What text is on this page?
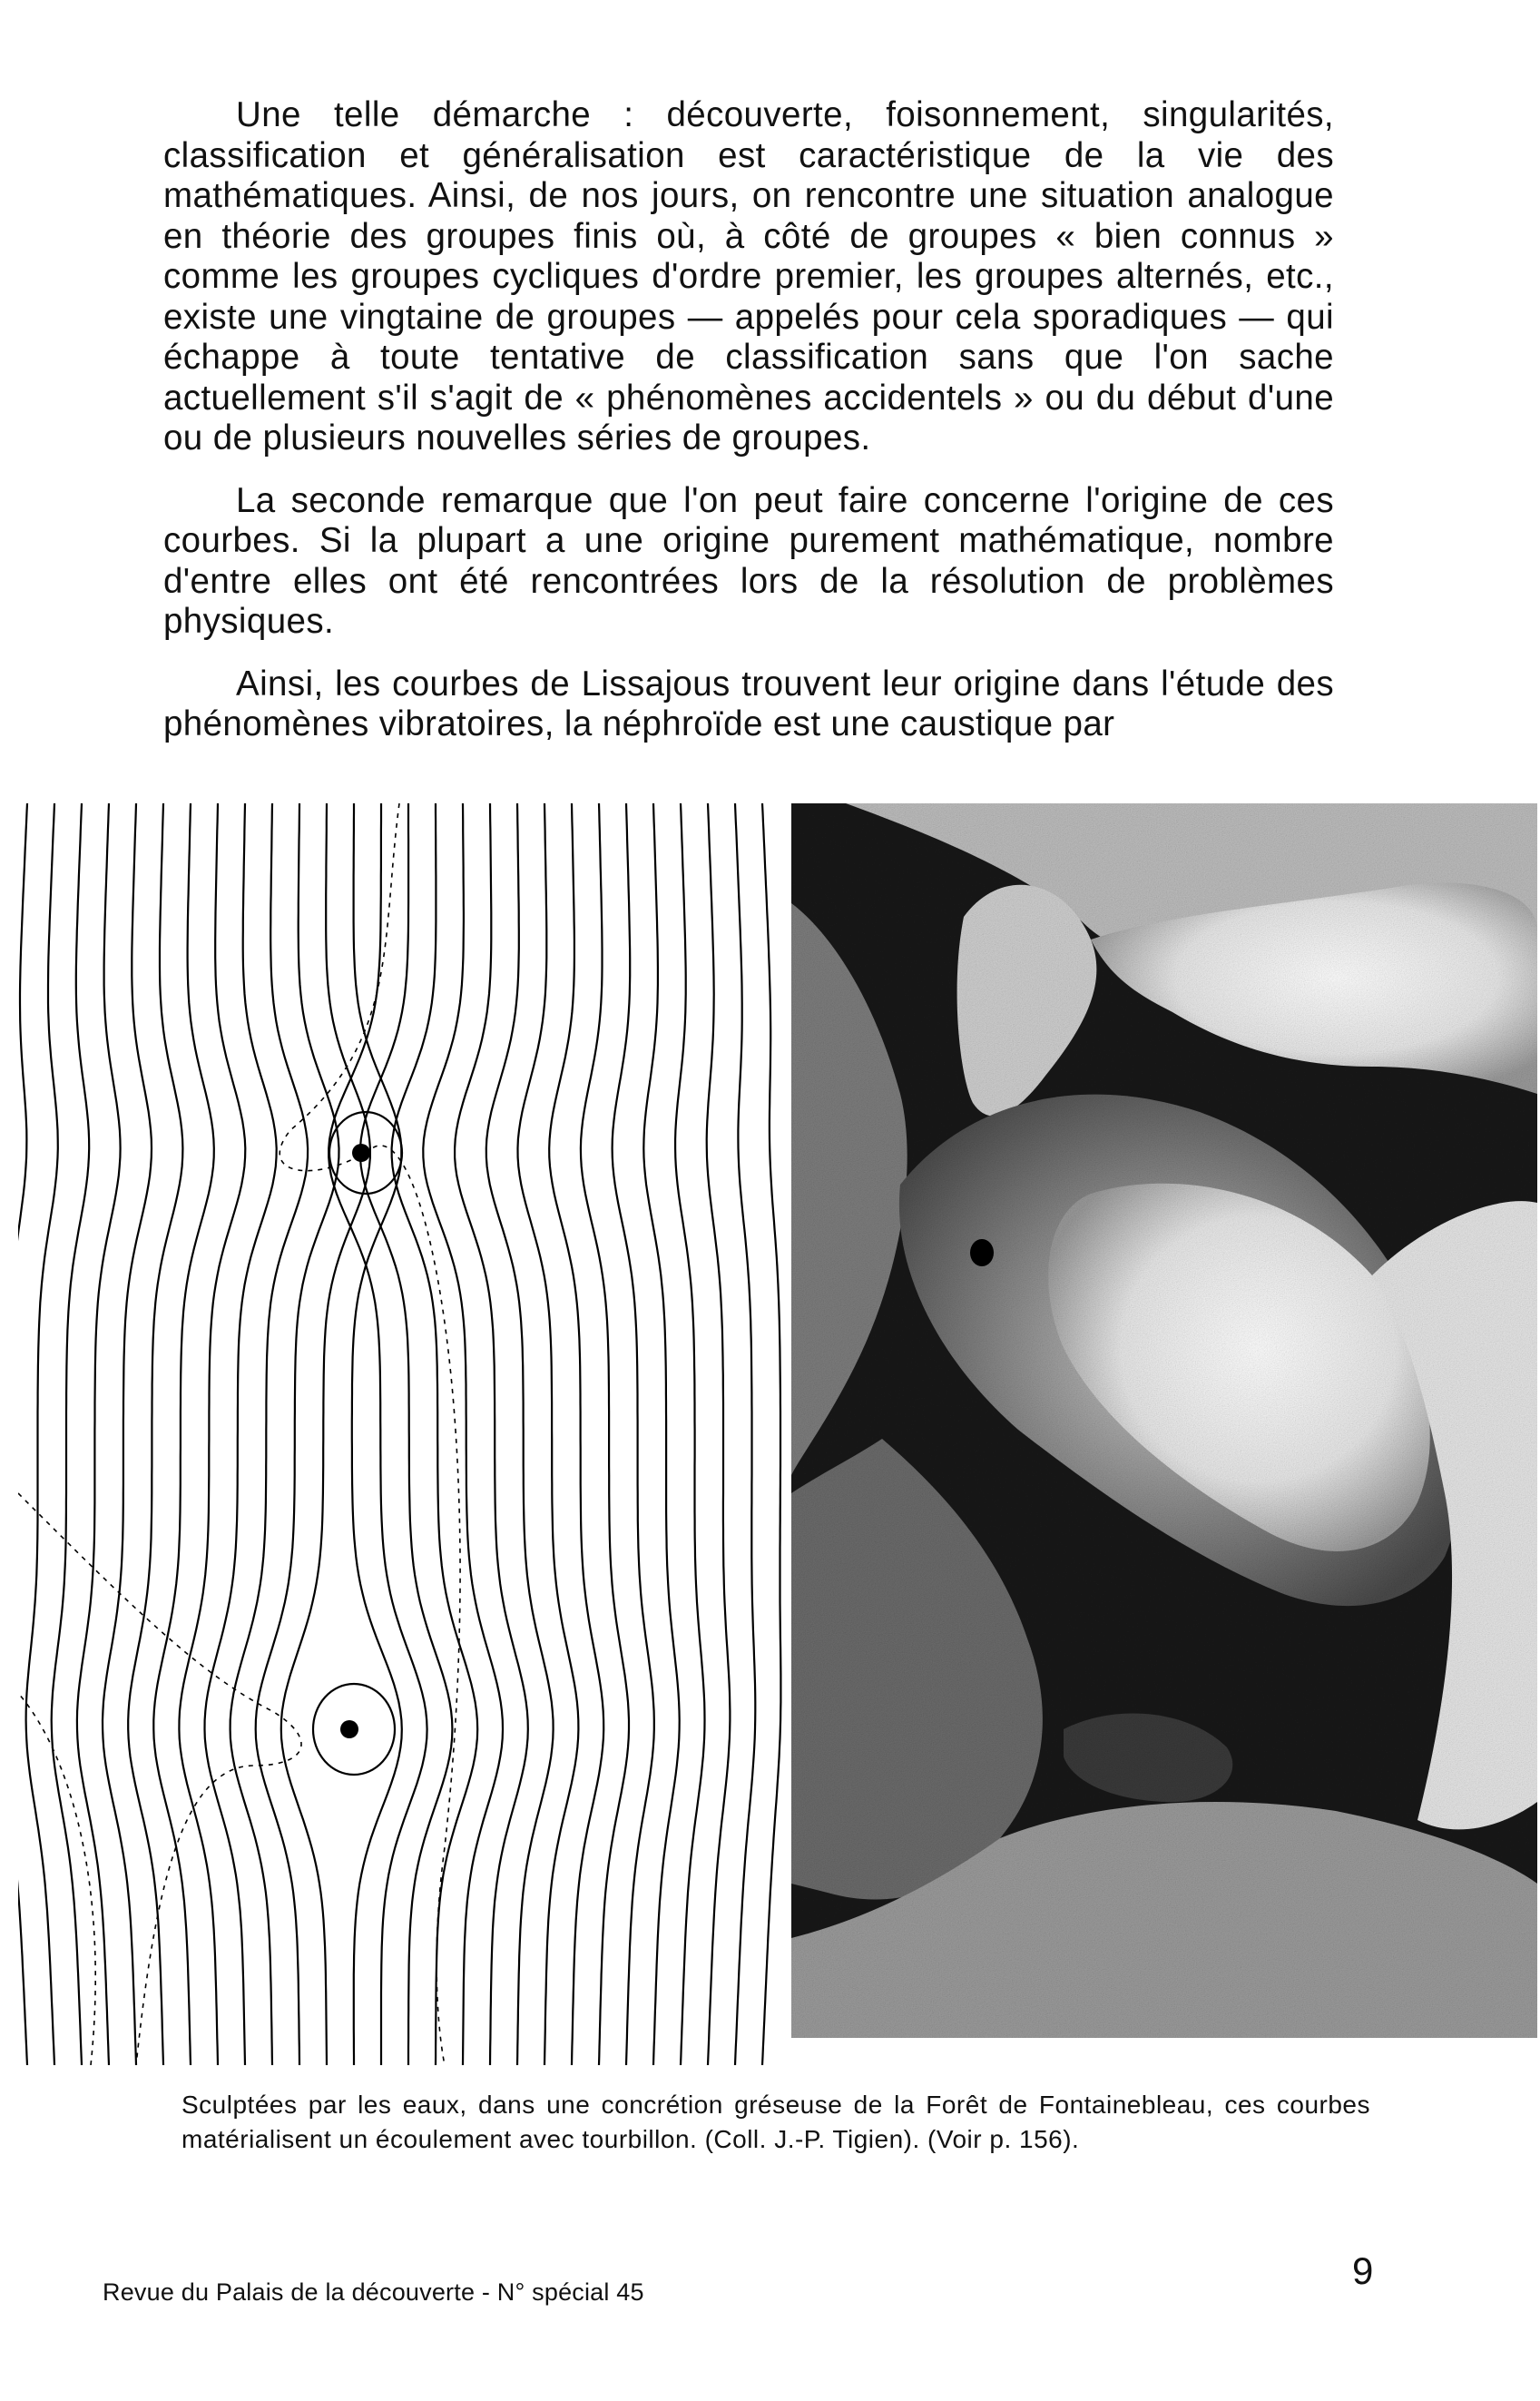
Une telle démarche : découverte, foisonnement, singularités, classification et généralisation est caractéristique de la vie des mathématiques. Ainsi, de nos jours, on rencontre une situation analogue en théorie des groupes finis où, à côté de groupes « bien connus » comme les groupes cycliques d'ordre premier, les groupes alternés, etc., existe une vingtaine de groupes — appelés pour cela sporadiques — qui échappe à toute tentative de classification sans que l'on sache actuellement s'il s'agit de « phénomènes accidentels » ou du début d'une ou de plusieurs nouvelles séries de groupes.

La seconde remarque que l'on peut faire concerne l'origine de ces courbes. Si la plupart a une origine purement mathématique, nombre d'entre elles ont été rencontrées lors de la résolution de problèmes physiques.

Ainsi, les courbes de Lissajous trouvent leur origine dans l'étude des phénomènes vibratoires, la néphroïde est une caustique par

Sculptées par les eaux, dans une concrétion gréseuse de la Forêt de Fontainebleau, ces courbes matérialisent un écoulement avec tourbillon. (Coll. J.-P. Tigien). (Voir p. 156).
Revue du Palais de la découverte - N° spécial 45	9
